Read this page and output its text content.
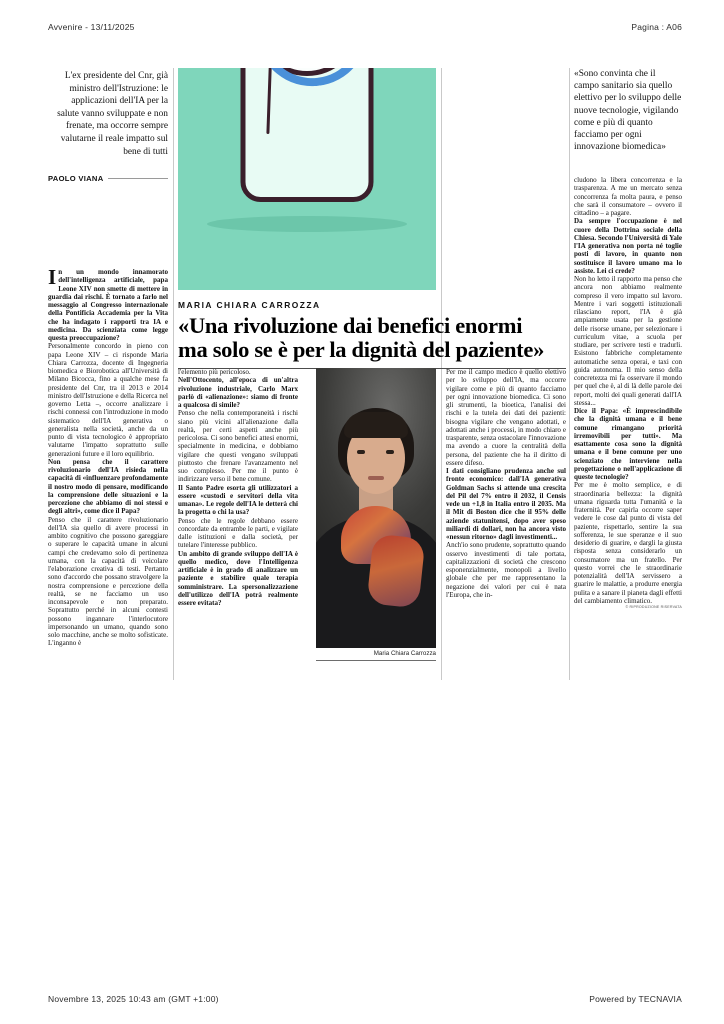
Avvenire - 13/11/2025	Pagina : A06
L'ex presidente del Cnr, già ministro dell'Istruzione: le applicazioni dell'IA per la salute vanno sviluppate e non frenate, ma occorre sempre valutarne il reale impatto sul bene di tutti
PAOLO VIANA
MARIA CHIARA CARROZZA
«Una rivoluzione dai benefici enormi
ma solo se è per la dignità del paziente»
«Sono convinta che il campo sanitario sia quello elettivo per lo sviluppo delle nuove tecnologie, vigilando come e più di quanto facciamo per ogni innovazione biomedica»

In un mondo innamorato dell'intelligenza artificiale, papa Leone XIV non smette di mettere in guardia dai rischi. È tornato a farlo nel messaggio al Congresso internazionale della Pontificia Accademia per la Vita che ha indagato i rapporti tra IA e medicina. Da scienziata come legge questa preoccupazione?

Personalmente concordo in pieno con papa Leone XIV – ci risponde Maria Chiara Carrozza, docente di Ingegneria biomedica e Biorobotica all'Università di Milano Bicocca, fino a qualche mese fa presidente del Cnr, tra il 2013 e 2014 ministro dell'Istruzione e della Ricerca nel governo Letta –, occorre analizzare i rischi connessi con l'introduzione in modo sistematico dell'IA generativa o generalista nella società, anche da un punto di vista tecnologico è appropriato valutarne l'impatto soprattutto sulle generazioni future e il loro equilibrio.

Non pensa che il carattere rivoluzionario dell'IA risieda nella capacità di «influenzare profondamente il nostro modo di pensare, modificando la comprensione delle situazioni e la percezione che abbiamo di noi stessi e degli altri», come dice il Papa?

Penso che il carattere rivoluzionario dell'IA sia quello di avere processi in ambito cognitivo che possono gareggiare o superare le capacità umane in alcuni campi che credevamo solo di pertinenza umana, con la capacità di veicolare l'elaborazione creativa di testi. Pertanto sono d'accordo che possano stravolgere la nostra comprensione e percezione della realtà, se ne facciamo un uso inconsapevole e non preparato. Soprattutto perché in alcuni contesti possono ingannare l'interlocutore impersonando un umano, quando sono solo macchine, anche se molto sofisticate. L'inganno è

l'elemento più pericoloso.

Nell'Ottocento, all'epoca di un'altra rivoluzione industriale, Carlo Marx parlò di «alienazione»: siamo di fronte a qualcosa di simile?

Penso che nella contemporaneità i rischi siano più vicini all'alienazione dalla realtà, per certi aspetti anche più pericolosa. Ci sono benefici attesi enormi, specialmente in medicina, e dobbiamo vigilare che questi vengano sviluppati piuttosto che frenare l'avanzamento nel suo complesso. Per me il punto è indirizzare verso il bene comune.

Il Santo Padre esorta gli utilizzatori a essere «custodi e servitori della vita umana». Le regole dell'IA le detterà chi la progetta o chi la usa?

Penso che le regole debbano essere concordate da entrambe le parti, e vigilate dalle istituzioni e dalla società, per tutelare l'interesse pubblico.

Un ambito di grande sviluppo dell'IA è quello medico, dove l'Intelligenza artificiale è in grado di analizzare un paziente e stabilire quale terapia somministrare. La spersonalizzazione dell'utilizzo dell'IA potrà realmente essere evitata?

Maria Chiara Carrozza

Per me il campo medico è quello elettivo per lo sviluppo dell'IA, ma occorre vigilare come e più di quanto facciamo per ogni innovazione biomedica. Ci sono gli strumenti, la bioetica, l'analisi dei rischi e la tutela dei dati dei pazienti: bisogna vigilare che vengano adottati, e adottati anche i processi, in modo chiaro e trasparente, senza ostacolare l'innovazione ma avendo a cuore la centralità della persona, del paziente che ha il diritto di essere difeso.

I dati consigliano prudenza anche sul fronte economico: dall'IA generativa Goldman Sachs si attende una crescita del Pil del 7% entro il 2032, il Censis vede un +1,8 in Italia entro il 2035. Ma il Mit di Boston dice che il 95% delle aziende statunitensi, dopo aver speso miliardi di dollari, non ha ancora visto «nessun ritorno» dagli investimenti...

Anch'io sono prudente, soprattutto quando osservo investimenti di tale portata, capitalizzazioni di società che crescono esponenzialmente, monopoli a livello globale che per me rappresentano la negazione dei valori per cui è nata l'Europa, che in-

cludono la libera concorrenza e la trasparenza. A me un mercato senza concorrenza fa molta paura, e penso che sarà il consumatore – ovvero il cittadino – a pagare.

Da sempre l'occupazione è nel cuore della Dottrina sociale della Chiesa. Secondo l'Università di Yale l'IA generativa non porta né toglie posti di lavoro, in quanto non sostituisce il lavoro umano ma lo assiste. Lei ci crede?

Non ho letto il rapporto ma penso che ancora non abbiamo realmente compreso il vero impatto sul lavoro. Mentre i vari soggetti istituzionali rilasciano report, l'IA è già ampiamente usata per la gestione delle risorse umane, per selezionare i curriculum vitae, a scuola per studiare, per scrivere testi e tradurli. Esistono fabbriche completamente automatiche senza operai, e taxi con guida autonoma. Il mio senso della concretezza mi fa osservare il mondo per quel che è, al di là delle parole dei report, molti dei quali generati dall'IA stessa...

Dice il Papa: «È imprescindibile che la dignità umana e il bene comune rimangano priorità irremovibili per tutti». Ma esattamente cosa sono la dignità umana e il bene comune per uno scienziato che interviene nella progettazione o nell'applicazione di queste tecnologie?

Per me è molto semplice, e di straordinaria bellezza: la dignità umana riguarda tutta l'umanità e la fraternità. Per capirla occorre saper vedere le cose dal punto di vista del paziente, rispettarlo, sentire la sua sofferenza, le sue speranze e il suo desiderio di guarire, e dargli la giusta risposta senza considerarlo un consumatore ma un fratello. Per questo vorrei che le straordinarie potenzialità dell'IA servissero a guarire le malattie, a produrre energia pulita e a sanare il pianeta dagli effetti del cambiamento climatico.

© RIPRODUZIONE RISERVATA
Novembre 13, 2025 10:43 am (GMT +1:00)	Powered by TECNAVIA
